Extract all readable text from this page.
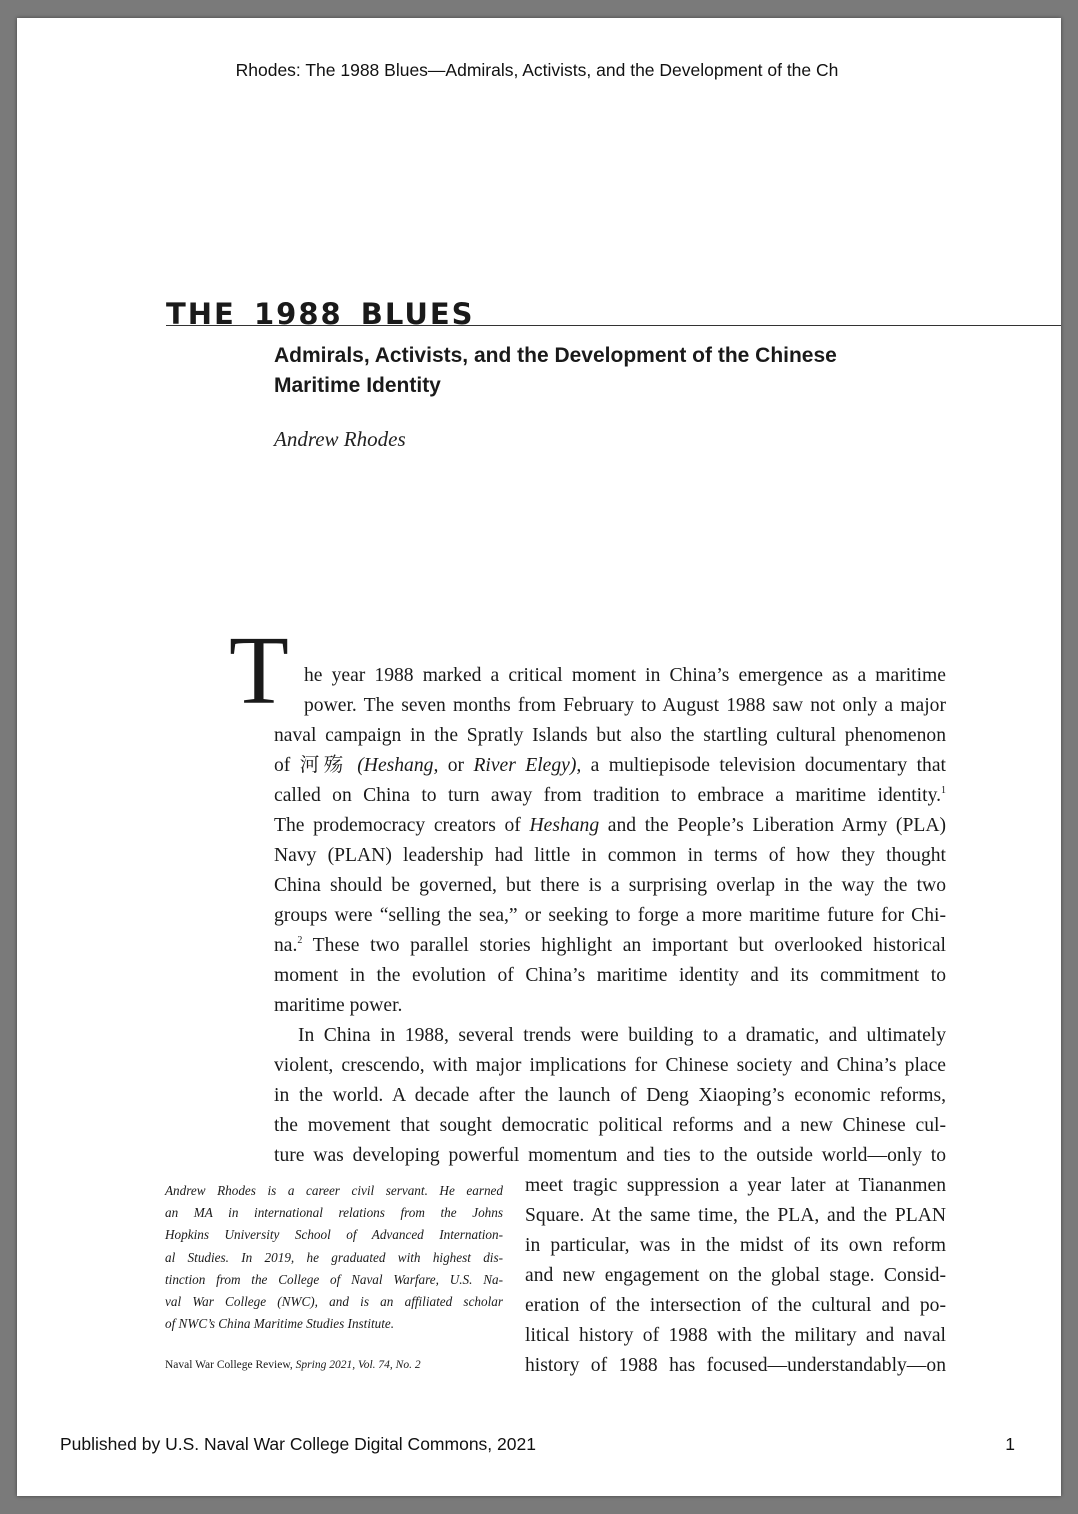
Rhodes: The 1988 Blues—Admirals, Activists, and the Development of the Ch
THE 1988 BLUES
Admirals, Activists, and the Development of the Chinese
Maritime Identity
Andrew Rhodes
T he year 1988 marked a critical moment in China’s emergence as a maritime
power. The seven months from February to August 1988 saw not only a major
naval campaign in the Spratly Islands but also the startling cultural phenomenon
of 河殇 (Heshang, or River Elegy), a multiepisode television documentary that
called on China to turn away from tradition to embrace a maritime identity.$^1$
The prodemocracy creators of Heshang and the People’s Liberation Army (PLA)
Navy (PLAN) leadership had little in common in terms of how they thought
China should be governed, but there is a surprising overlap in the way the two
groups were “selling the sea,” or seeking to forge a more maritime future for Chi-
na.$^2$ These two parallel stories highlight an important but overlooked historical
moment in the evolution of China’s maritime identity and its commitment to
maritime power.
In China in 1988, several trends were building to a dramatic, and ultimately
violent, crescendo, with major implications for Chinese society and China’s place
in the world. A decade after the launch of Deng Xiaoping’s economic reforms,
the movement that sought democratic political reforms and a new Chinese cul-
ture was developing powerful momentum and ties to the outside world—only to
meet tragic suppression a year later at Tiananmen
Square. At the same time, the PLA, and the PLAN
in particular, was in the midst of its own reform
and new engagement on the global stage. Consid-
eration of the intersection of the cultural and po-
litical history of 1988 with the military and naval
history of 1988 has focused—understandably—on
Andrew Rhodes is a career civil servant. He earned
an MA in international relations from the Johns
Hopkins University School of Advanced Internation-
al Studies. In 2019, he graduated with highest dis-
tinction from the College of Naval Warfare, U.S. Na-
val War College (NWC), and is an affiliated scholar
of NWC’s China Maritime Studies Institute.
Naval War College Review, Spring 2021, Vol. 74, No. 2
Published by U.S. Naval War College Digital Commons, 2021	1
